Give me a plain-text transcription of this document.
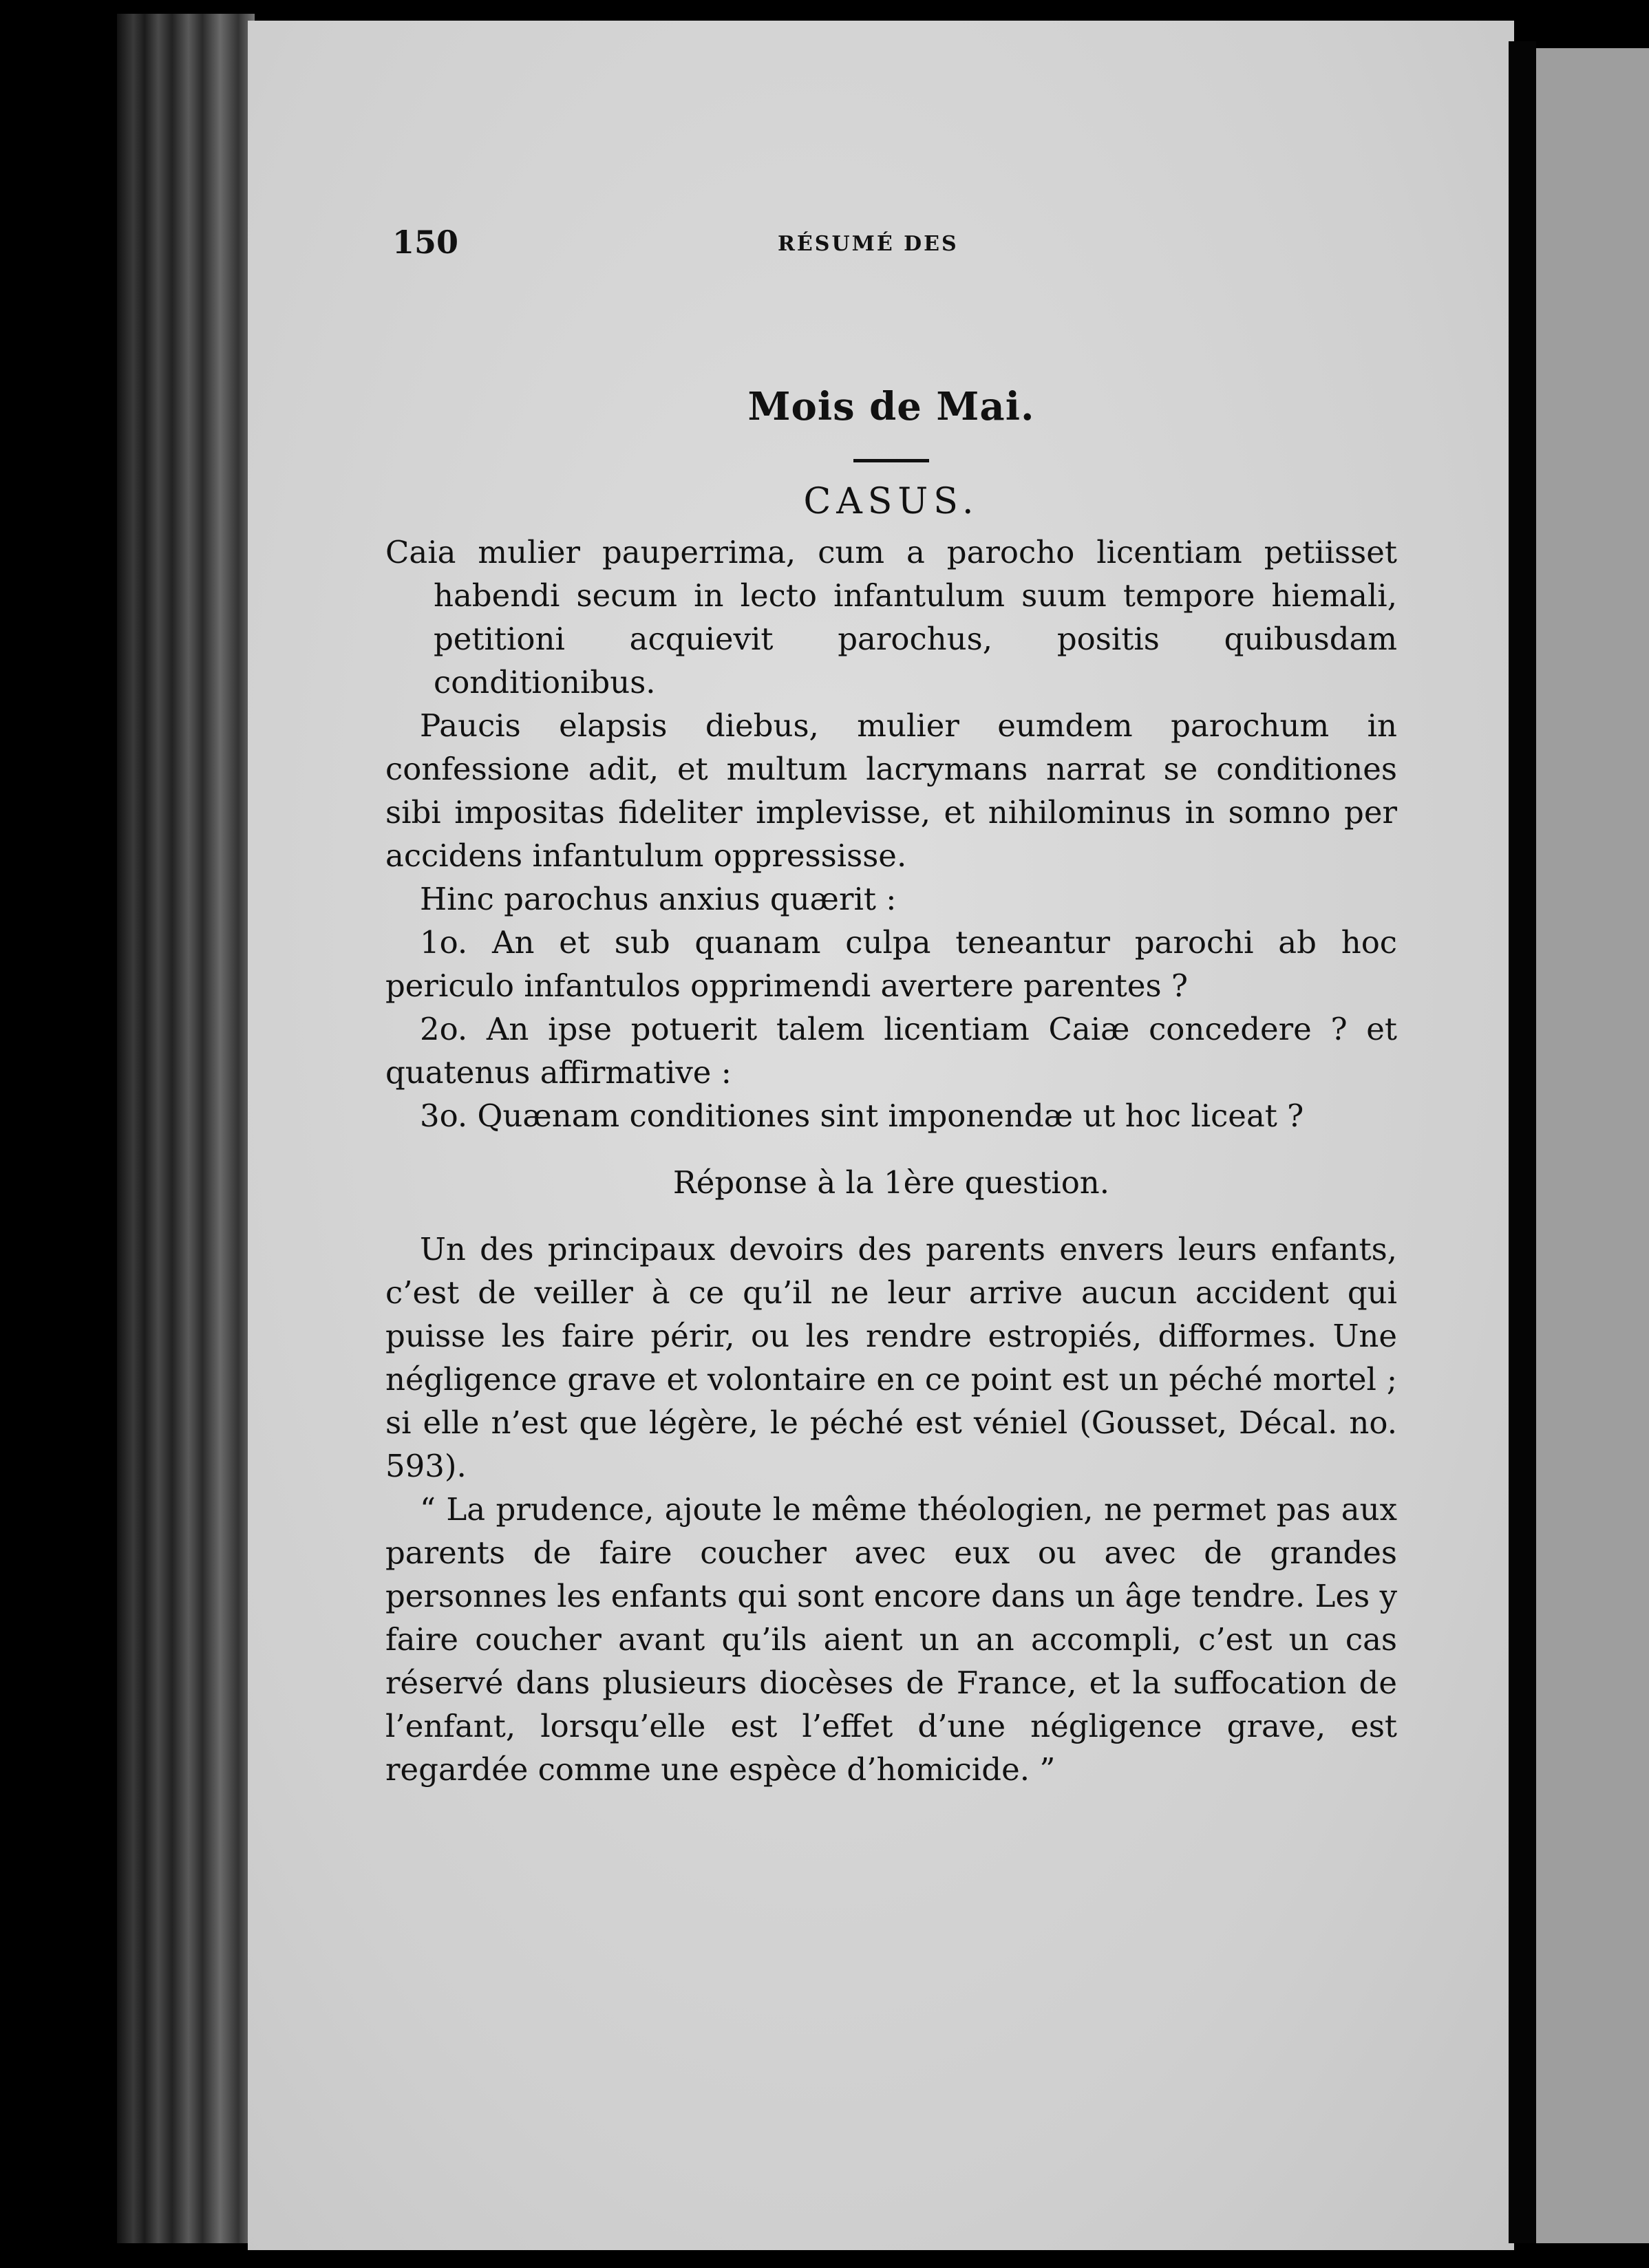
150	RÉSUMÉ DES
Mois de Mai.
CASUS.

Caia mulier pauperrima, cum a parocho licentiam petiisset habendi secum in lecto infantulum suum tempore hiemali, petitioni acquievit parochus, positis quibusdam conditionibus.

Paucis elapsis diebus, mulier eumdem parochum in confessione adit, et multum lacrymans narrat se conditiones sibi impositas fideliter implevisse, et nihilominus in somno per accidens infantulum oppressisse.

Hinc parochus anxius quærit :

1o. An et sub quanam culpa teneantur parochi ab hoc periculo infantulos opprimendi avertere parentes ?

2o. An ipse potuerit talem licentiam Caiæ concedere ? et quatenus affirmative :

3o. Quænam conditiones sint imponendæ ut hoc liceat ?

Réponse à la 1ère question.

Un des principaux devoirs des parents envers leurs enfants, c’est de veiller à ce qu’il ne leur arrive aucun accident qui puisse les faire périr, ou les rendre estropiés, difformes. Une négligence grave et volontaire en ce point est un péché mortel ; si elle n’est que légère, le péché est véniel (Gousset, Décal. no. 593).

“ La prudence, ajoute le même théologien, ne permet pas aux parents de faire coucher avec eux ou avec de grandes personnes les enfants qui sont encore dans un âge tendre. Les y faire coucher avant qu’ils aient un an accompli, c’est un cas réservé dans plusieurs diocèses de France, et la suffocation de l’enfant, lorsqu’elle est l’effet d’une négligence grave, est regardée comme une espèce d’homicide. ”
